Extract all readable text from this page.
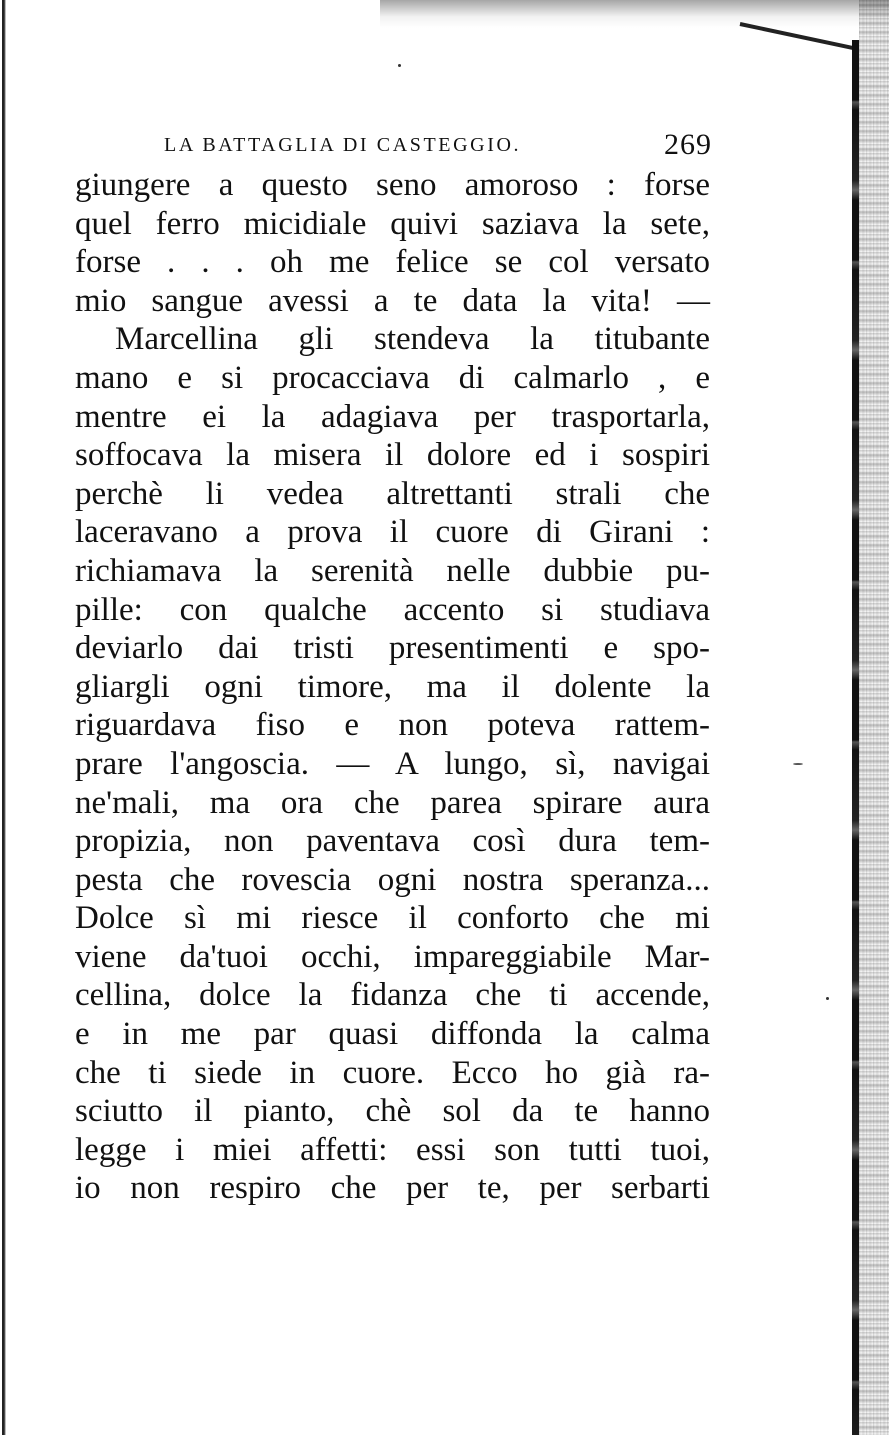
LA BATTAGLIA DI CASTEGGIO.	269
giungere a questo seno amoroso : forse
quel ferro micidiale quivi saziava la sete,
forse . . . oh me felice se col versato
mio sangue avessi a te data la vita! —
Marcellina gli stendeva la titubante
mano e si procacciava di calmarlo , e
mentre ei la adagiava per trasportarla,
soffocava la misera il dolore ed i sospiri
perchè li vedea altrettanti strali che
laceravano a prova il cuore di Girani :
richiamava la serenità nelle dubbie pu-
pille: con qualche accento si studiava
deviarlo dai tristi presentimenti e spo-
gliargli ogni timore, ma il dolente la
riguardava fiso e non poteva rattem-
prare l'angoscia. — A lungo, sì, navigai
ne'mali, ma ora che parea spirare aura
propizia, non paventava così dura tem-
pesta che rovescia ogni nostra speranza...
Dolce sì mi riesce il conforto che mi
viene da'tuoi occhi, impareggiabile Mar-
cellina, dolce la fidanza che ti accende,
e in me par quasi diffonda la calma
che ti siede in cuore. Ecco ho già ra-
sciutto il pianto, chè sol da te hanno
legge i miei affetti: essi son tutti tuoi,
io non respiro che per te, per serbarti
